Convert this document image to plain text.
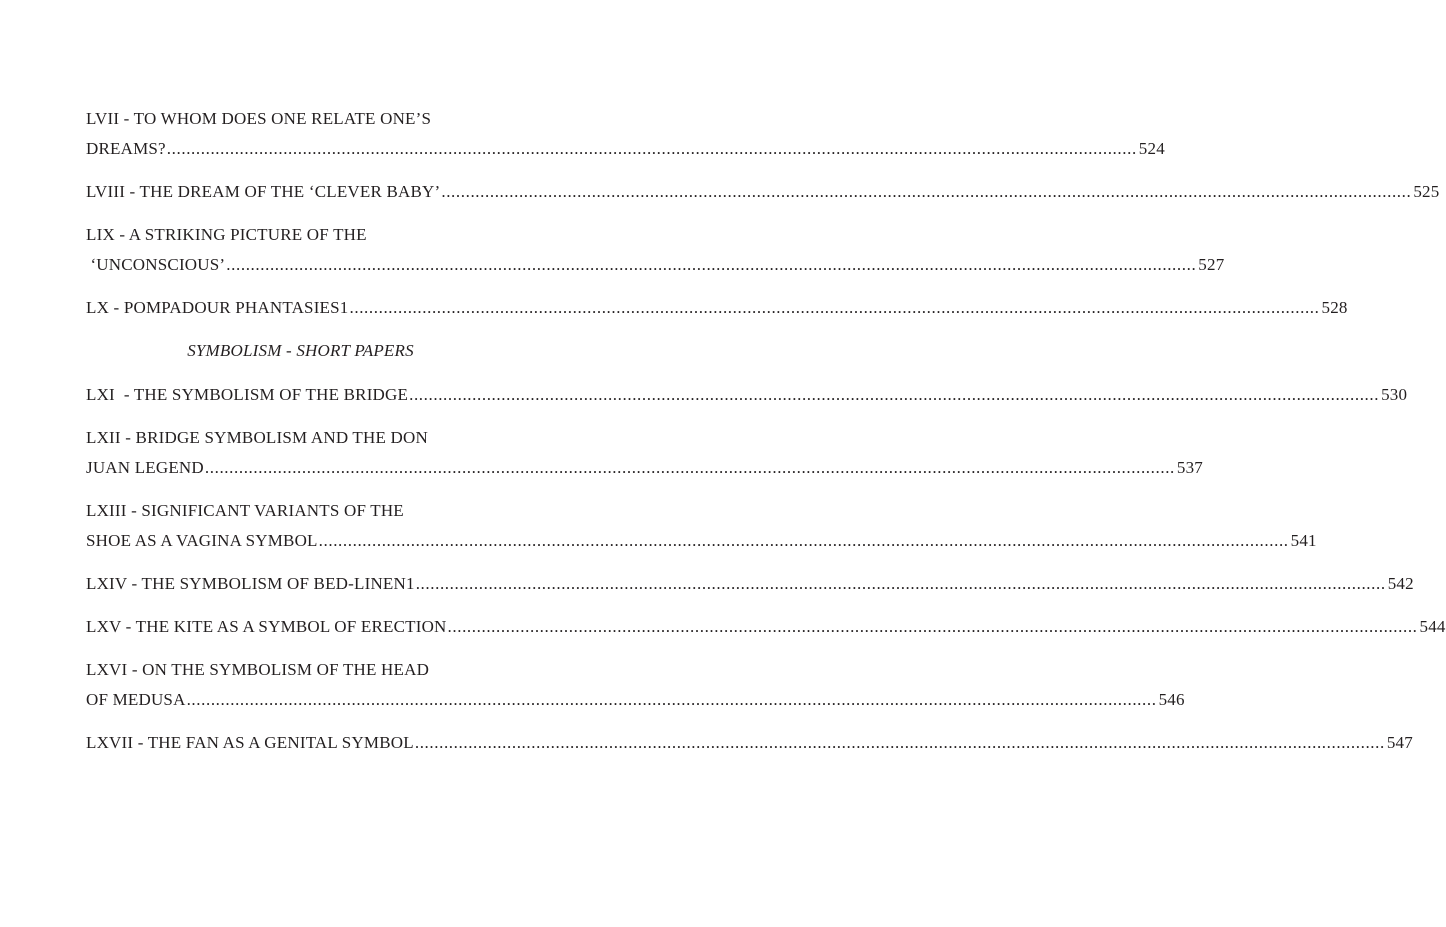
LVII - TO WHOM DOES ONE RELATE ONE’S
DREAMS? ........................................................................................................................................................................................................ 524
LVIII - THE DREAM OF THE ‘CLEVER BABY’ ........................................................................................................................................................................................................ 525
LIX - A STRIKING PICTURE OF THE
‘UNCONSCIOUS’ ........................................................................................................................................................................................................ 527
LX - POMPADOUR PHANTASIES1 ........................................................................................................................................................................................................ 528
SYMBOLISM - SHORT PAPERS
LXI  - THE SYMBOLISM OF THE BRIDGE ........................................................................................................................................................................................................ 530
LXII - BRIDGE SYMBOLISM AND THE DON
JUAN LEGEND ........................................................................................................................................................................................................ 537
LXIII - SIGNIFICANT VARIANTS OF THE
SHOE AS A VAGINA SYMBOL ........................................................................................................................................................................................................ 541
LXIV - THE SYMBOLISM OF BED-LINEN1 ........................................................................................................................................................................................................ 542
LXV - THE KITE AS A SYMBOL OF ERECTION ........................................................................................................................................................................................................ 544
LXVI - ON THE SYMBOLISM OF THE HEAD
OF MEDUSA ........................................................................................................................................................................................................ 546
LXVII - THE FAN AS A GENITAL SYMBOL ........................................................................................................................................................................................................ 547
